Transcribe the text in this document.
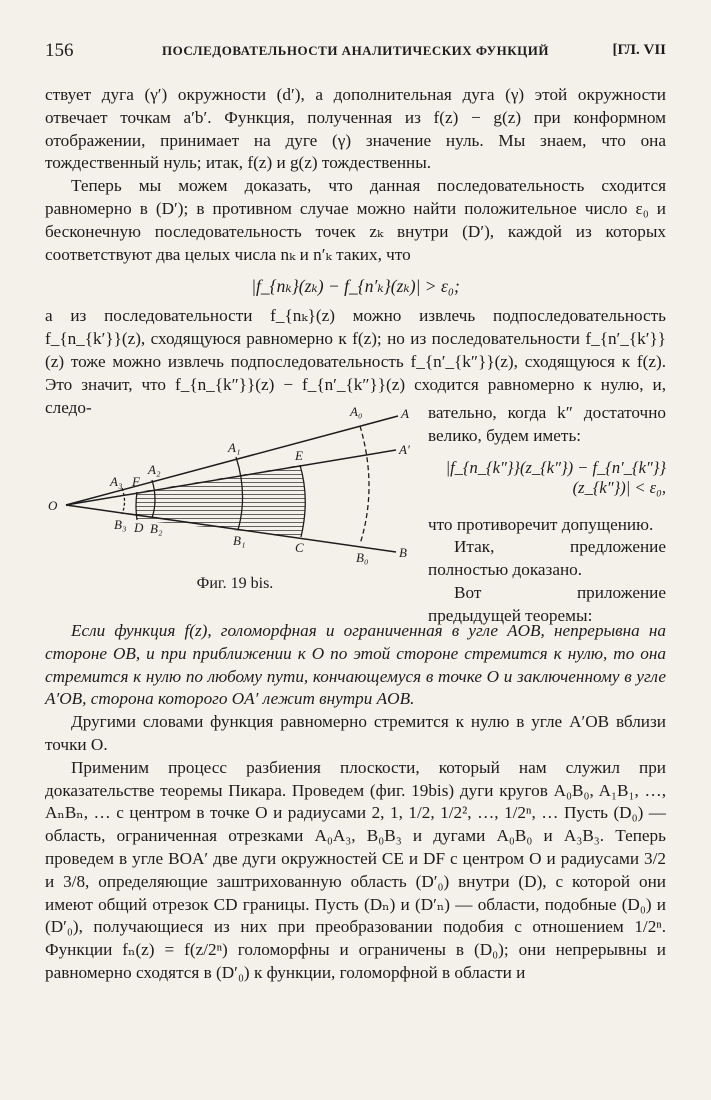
156	ПОСЛЕДОВАТЕЛЬНОСТИ АНАЛИТИЧЕСКИХ ФУНКЦИЙ	[ГЛ. VII

ствует дуга (γ′) окружности (d′), а дополнительная дуга (γ) этой окружности отвечает точкам a′b′. Функция, полученная из f(z) − g(z) при конформном отображении, принимает на дуге (γ) значение нуль. Мы знаем, что она тождественный нуль; итак, f(z) и g(z) тождественны.

Теперь мы можем доказать, что данная последовательность сходится равномерно в (D′); в противном случае можно найти положительное число ε₀ и бесконечную последовательность точек zₖ внутри (D′), каждой из которых соответствуют два целых числа nₖ и n′ₖ таких, что

|f_{nₖ}(zₖ) − f_{n′ₖ}(zₖ)| > ε₀;

а из последовательности f_{nₖ}(z) можно извлечь подпоследовательность f_{n_{k′}}(z), сходящуюся равномерно к f(z); но из последовательности f_{n′_{k′}}(z) тоже можно извлечь подпоследовательность f_{n′_{k″}}(z), сходящуюся к f(z). Это значит, что f_{n_{k″}}(z) − f_{n′_{k″}}(z) сходится равномерно к нулю, и, следо-

O
A
A′
B
A₀
A₁
A₂
A₃
B₀
B₁
B₂
B₃
C
D
E
F
Фиг. 19 bis.

вательно, когда k″ достаточно велико, будем иметь:

|f_{n_{k″}}(z_{k″}) − f_{n′_{k″}}(z_{k″})| < ε₀,

что противоречит допущению.

Итак, предложение полностью доказано.

Вот приложение предыдущей теоремы:

Если функция f(z), голоморфная и ограниченная в угле AOB, непрерывна на стороне OB, и при приближении к O по этой стороне стремится к нулю, то она стремится к нулю по любому пути, кончающемуся в точке O и заключенному в угле A′OB, сторона которого OA′ лежит внутри AOB.

Другими словами функция равномерно стремится к нулю в угле A′OB вблизи точки O.

Применим процесс разбиения плоскости, который нам служил при доказательстве теоремы Пикара. Проведем (фиг. 19bis) дуги кругов A₀B₀, A₁B₁, …, AₙBₙ, … с центром в точке O и радиусами 2, 1, 1/2, 1/2², …, 1/2ⁿ, … Пусть (D₀) — область, ограниченная отрезками A₀A₃, B₀B₃ и дугами A₀B₀ и A₃B₃. Теперь проведем в угле BOA′ две дуги окружностей CE и DF с центром O и радиусами 3/2 и 3/8, определяющие заштрихованную область (D′₀) внутри (D), с которой они имеют общий отрезок CD границы. Пусть (Dₙ) и (D′ₙ) — области, подобные (D₀) и (D′₀), получающиеся из них при преобразовании подобия с отношением 1/2ⁿ. Функции fₙ(z) = f(z/2ⁿ) голоморфны и ограничены в (D₀); они непрерывны и равномерно сходятся в (D′₀) к функции, голоморфной в области и
